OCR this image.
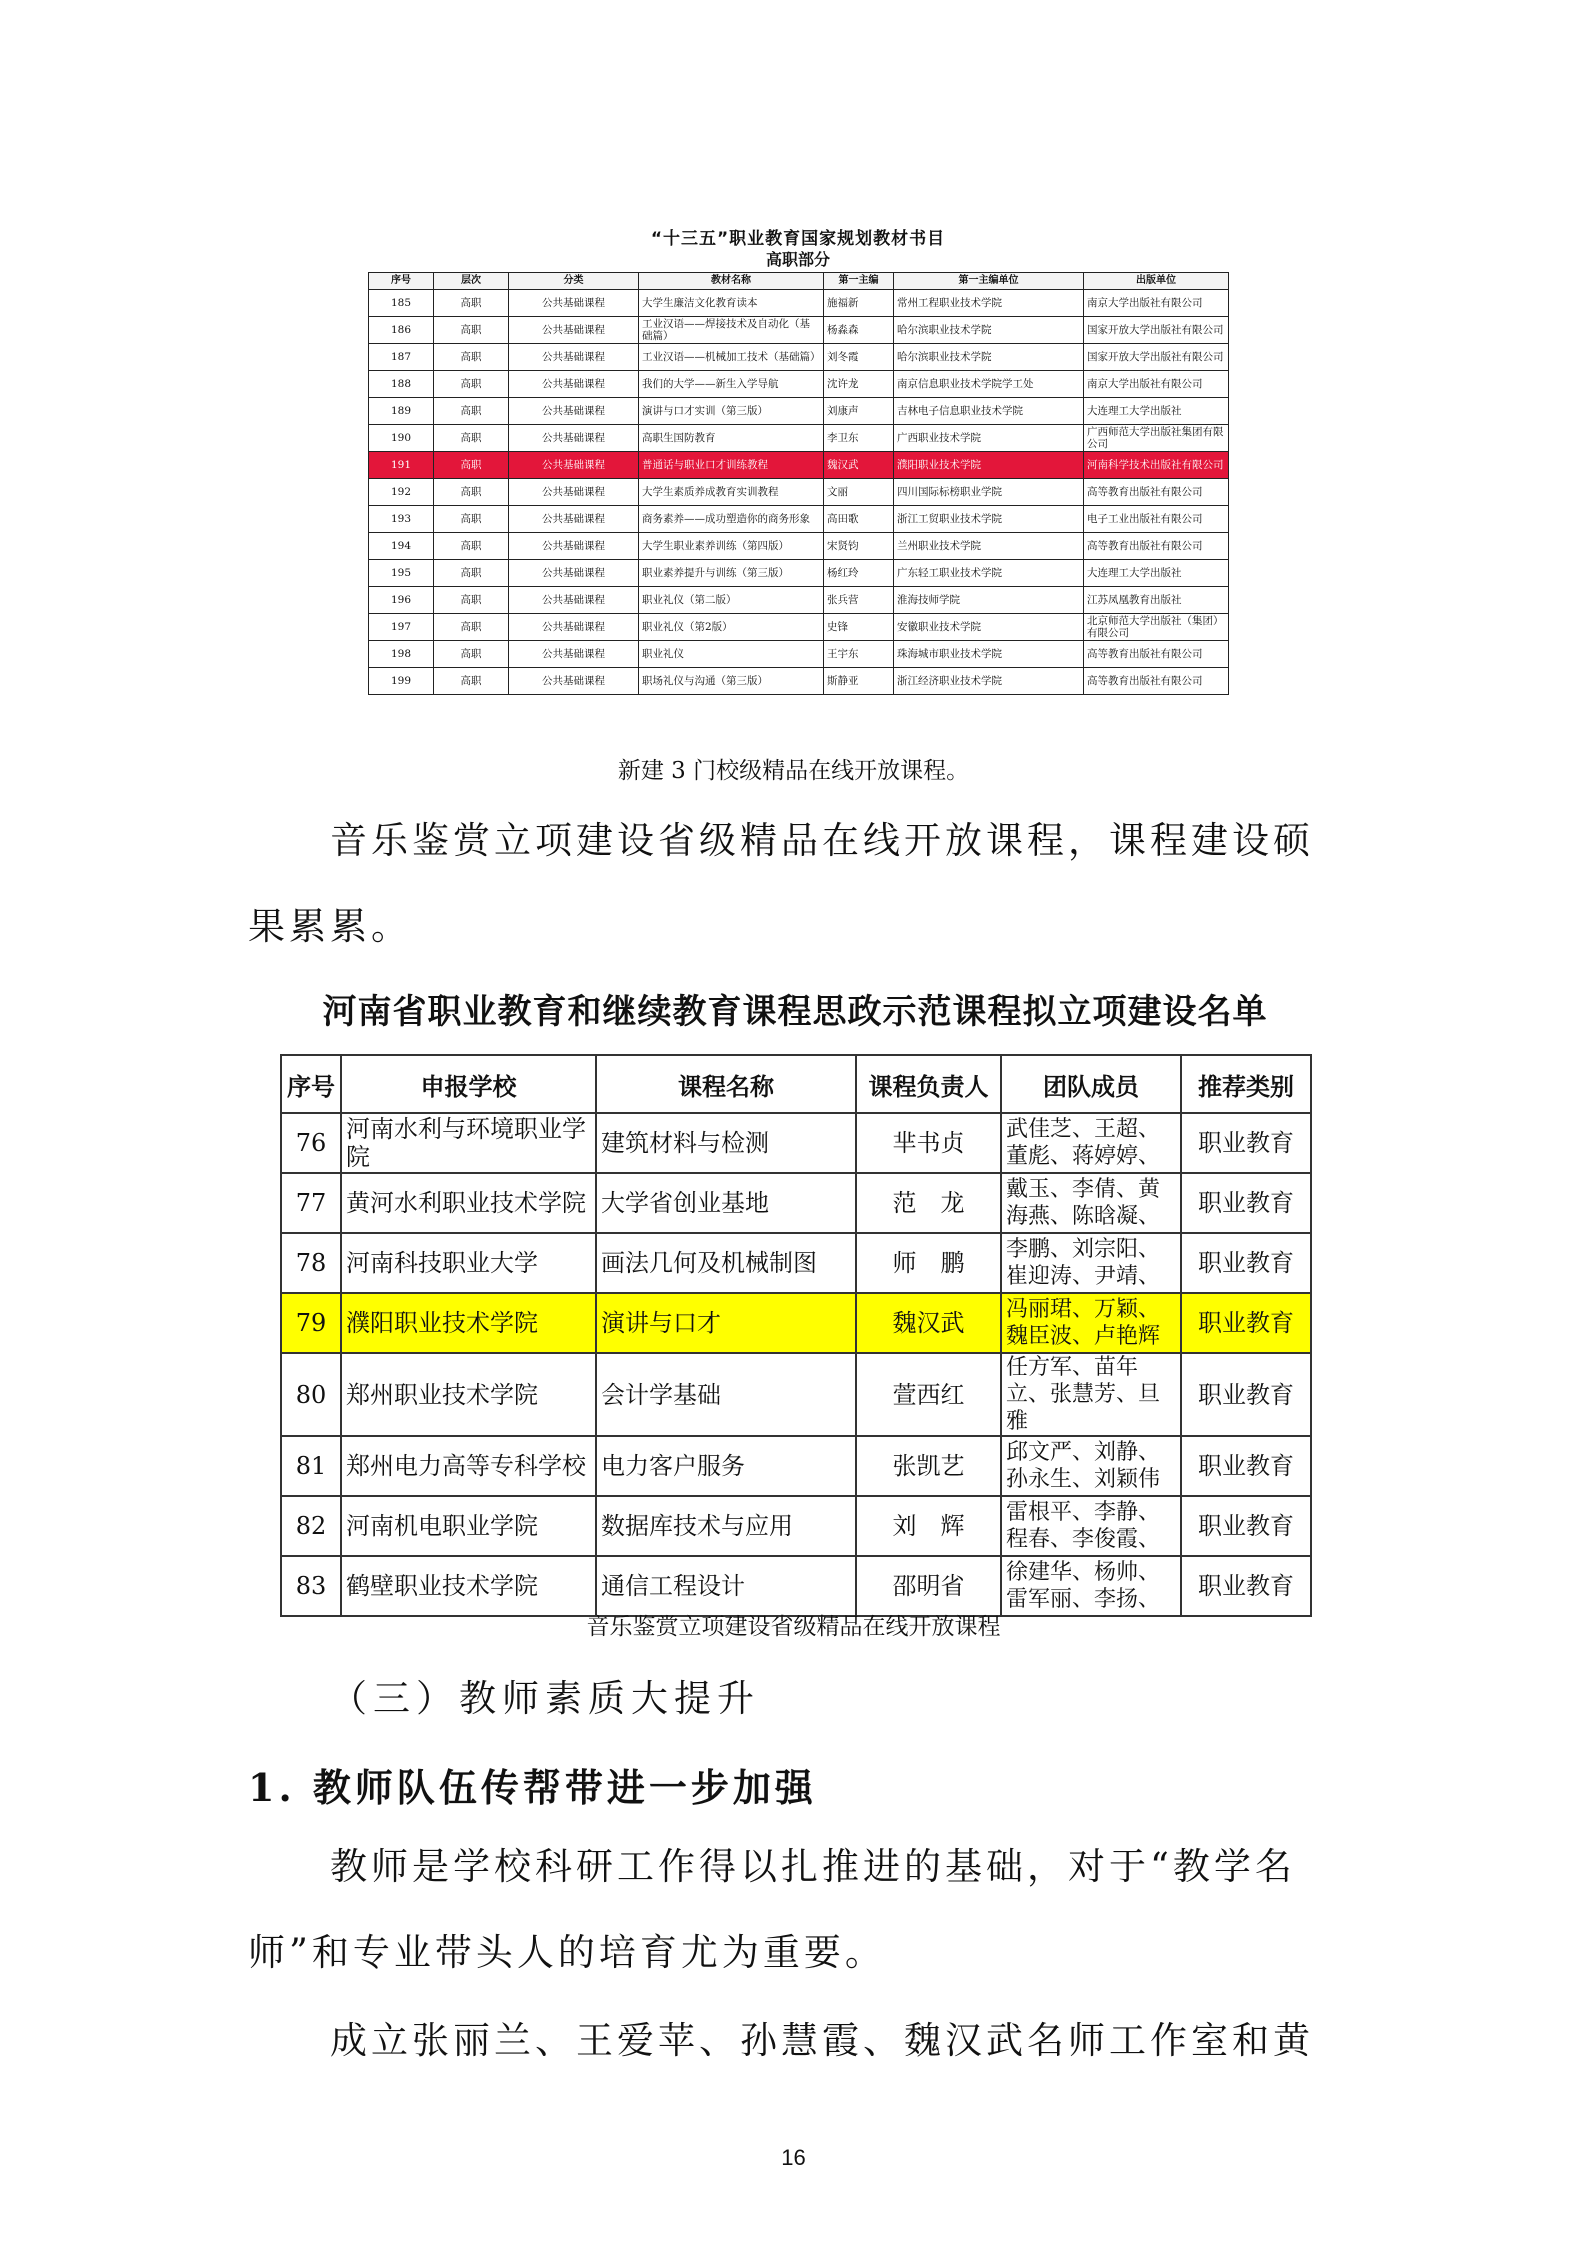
“十三五”职业教育国家规划教材书目
高职部分
序号	层次	分类	教材名称	第一主编	第一主编单位	出版单位
185	高职	公共基础课程	大学生廉洁文化教育读本	施福新	常州工程职业技术学院	南京大学出版社有限公司
186	高职	公共基础课程	工业汉语——焊接技术及自动化（基础篇）	杨淼森	哈尔滨职业技术学院	国家开放大学出版社有限公司
187	高职	公共基础课程	工业汉语——机械加工技术（基础篇）	刘冬霞	哈尔滨职业技术学院	国家开放大学出版社有限公司
188	高职	公共基础课程	我们的大学——新生入学导航	沈许龙	南京信息职业技术学院学工处	南京大学出版社有限公司
189	高职	公共基础课程	演讲与口才实训（第三版）	刘康声	吉林电子信息职业技术学院	大连理工大学出版社
190	高职	公共基础课程	高职生国防教育	李卫东	广西职业技术学院	广西师范大学出版社集团有限公司
191	高职	公共基础课程	普通话与职业口才训练教程	魏汉武	濮阳职业技术学院	河南科学技术出版社有限公司
192	高职	公共基础课程	大学生素质养成教育实训教程	文丽	四川国际标榜职业学院	高等教育出版社有限公司
193	高职	公共基础课程	商务素养——成功塑造你的商务形象	高田歌	浙江工贸职业技术学院	电子工业出版社有限公司
194	高职	公共基础课程	大学生职业素养训练（第四版）	宋贤钧	兰州职业技术学院	高等教育出版社有限公司
195	高职	公共基础课程	职业素养提升与训练（第三版）	杨红玲	广东轻工职业技术学院	大连理工大学出版社
196	高职	公共基础课程	职业礼仪（第二版）	张兵营	淮海技师学院	江苏凤凰教育出版社
197	高职	公共基础课程	职业礼仪（第2版）	史锋	安徽职业技术学院	北京师范大学出版社（集团）有限公司
198	高职	公共基础课程	职业礼仪	王宇东	珠海城市职业技术学院	高等教育出版社有限公司
199	高职	公共基础课程	职场礼仪与沟通（第三版）	斯静亚	浙江经济职业技术学院	高等教育出版社有限公司
新建 3 门校级精品在线开放课程。
音乐鉴赏立项建设省级精品在线开放课程，课程建设硕
果累累。
河南省职业教育和继续教育课程思政示范课程拟立项建设名单
序号	申报学校	课程名称	课程负责人	团队成员	推荐类别
76	河南水利与环境职业学院	建筑材料与检测	芈书贞	武佳芝、王超、董彪、蒋婷婷、	职业教育
77	黄河水利职业技术学院	大学省创业基地	范　龙	戴玉、李倩、黄海燕、陈晗凝、	职业教育
78	河南科技职业大学	画法几何及机械制图	师　鹏	李鹏、刘宗阳、崔迎涛、尹靖、	职业教育
79	濮阳职业技术学院	演讲与口才	魏汉武	冯丽珺、万颖、魏臣波、卢艳辉	职业教育
80	郑州职业技术学院	会计学基础	萱西红	任方军、苗年立、张慧芳、旦雅	职业教育
81	郑州电力高等专科学校	电力客户服务	张凯艺	邱文严、刘静、孙永生、刘颖伟	职业教育
82	河南机电职业学院	数据库技术与应用	刘　辉	雷根平、李静、程春、李俊霞、	职业教育
83	鹤壁职业技术学院	通信工程设计	邵明省	徐建华、杨帅、雷军丽、李扬、	职业教育
音乐鉴赏立项建设省级精品在线开放课程
（三）教师素质大提升
1. 教师队伍传帮带进一步加强
教师是学校科研工作得以扎推进的基础，对于“教学名
师”和专业带头人的培育尤为重要。
成立张丽兰、王爱苹、孙慧霞、魏汉武名师工作室和黄
16
